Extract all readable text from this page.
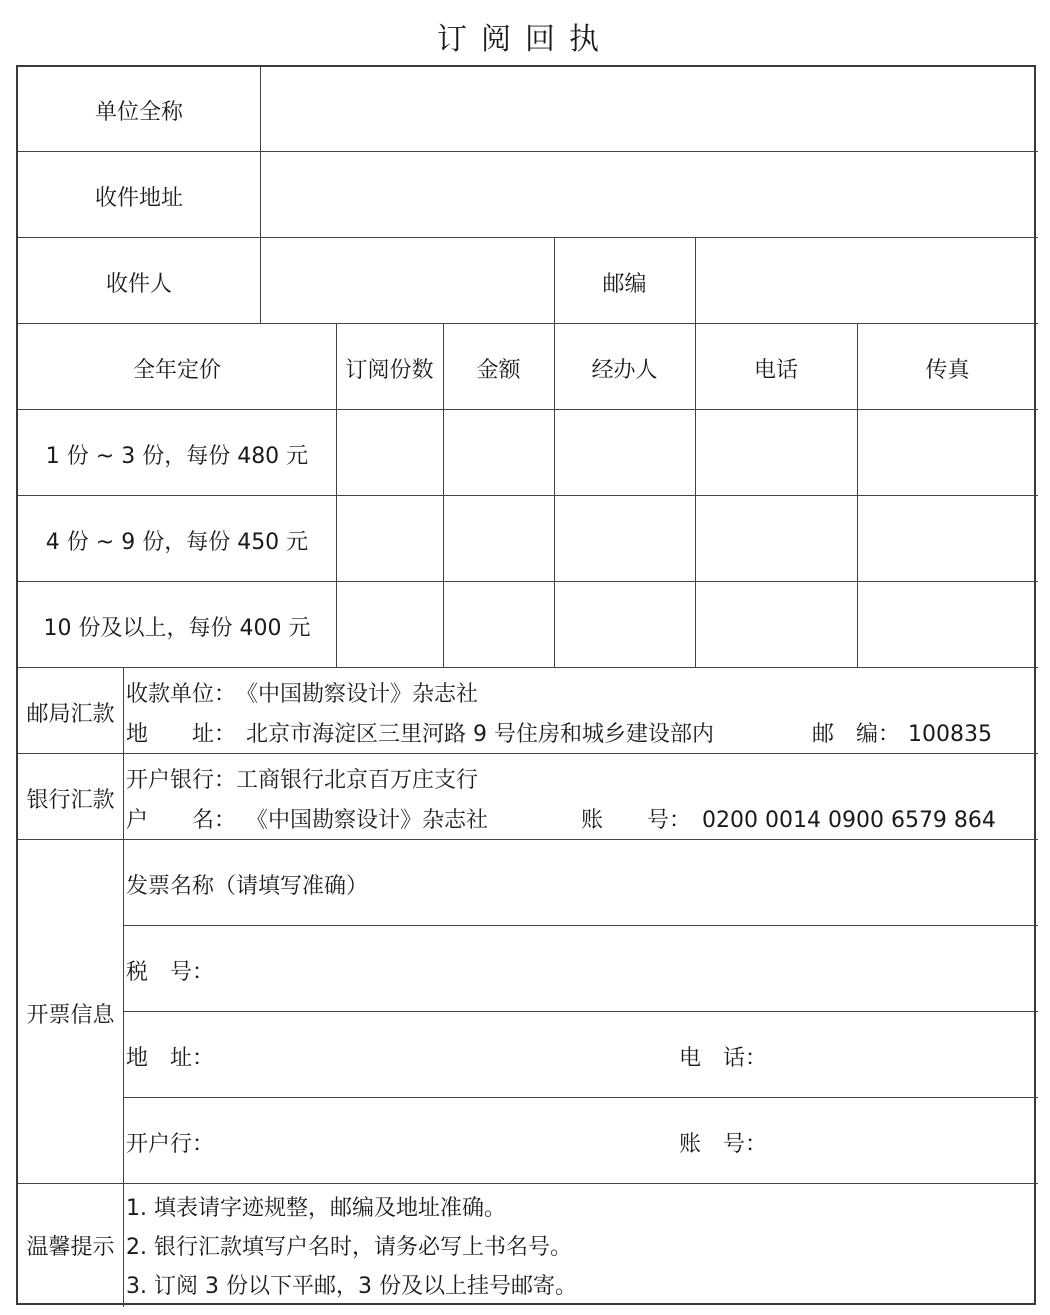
订阅回执
单位全称
收件地址
收件人	邮编
全年定价	订阅份数	金额	经办人	电话	传真
1 份 ~ 3 份，每份 480 元
4 份 ~ 9 份，每份 450 元
10 份及以上，每份 400 元
邮局汇款
收款单位： 《中国勘察设计》杂志社
地　　址： 北京市海淀区三里河路 9 号住房和城乡建设部内	邮　编： 100835
银行汇款
开户银行： 工商银行北京百万庄支行
户　　名： 《中国勘察设计》杂志社	账　　号： 0200 0014 0900 6579 864
开票信息
发票名称（请填写准确）
税　号：
地　址：	电　话：
开户行：	账　号：
温馨提示
1. 填表请字迹规整，邮编及地址准确。
2. 银行汇款填写户名时，请务必写上书名号。
3. 订阅 3 份以下平邮，3 份及以上挂号邮寄。
